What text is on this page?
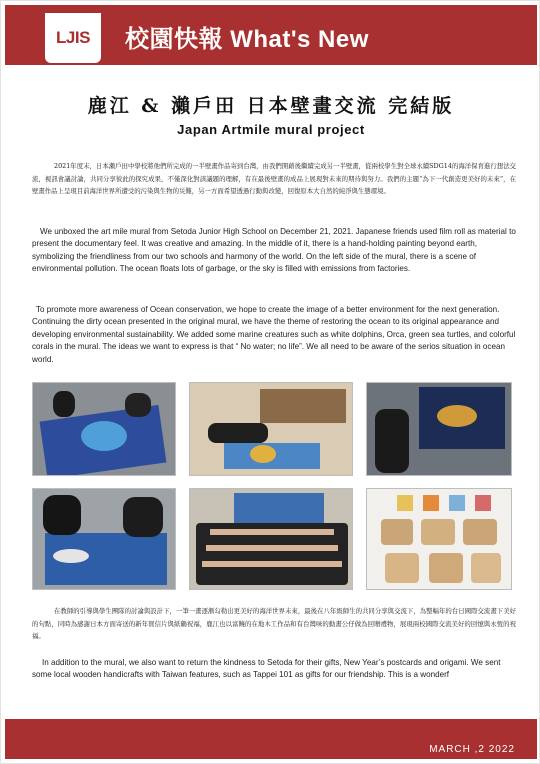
LJIS 校園快報 What's New
鹿江 & 瀨戶田 日本壁畫交流 完結版
Japan Artmile mural project
2021年度末，日本瀨戶田中學校將他們所完成的一半壁畫作品寄到台灣，由我們開藉後繼續完成另一半壁畫，從兩校學生對全球永續SDG14的海洋保育進行想法交流，視訊會議討論，共同分享彼此的探究成果，不僅深化對該議題的理解，有在最後壁畫的成品上展現對未來的期待與努力。我們的主題“為下一代創造更美好的未來”，在壁畫作品上呈現目前海洋世界所遭受的污染與生物的災難，另一方面希望透過行動與改變，回復原本大自然的純淨與生態環境。
We unboxed the art mile mural from Setoda Junior High School on December 21, 2021. Japanese friends used film roll as material to present the documentary feel. It was creative and amazing. In the middle of it, there is a hand-holding painting beyond earth, symbolizing the friendliness from our two schools and harmony of the world. On the left side of the mural, there is a scene of environmental pollution. The ocean floats lots of garbage, or the sky is filled with emissions from factories.
To promote more awareness of Ocean conservation, we hope to create the image of a better environment for the next generation. Continuing the dirty ocean presented in the original mural, we have the theme of restoring the ocean to its original appearance and developing environmental sustainability. We added some marine creatures such as white dolphins, Orca, green sea turtles, and colorful corals in the mural. The ideas we want to express is that “ No water; no life”. We all need to be aware of the serios situation in ocean world.
在教師的引導與學生團隊的討論與設計下，一筆一畫逐漸勾勒出更美好的海洋世界未來，最後在八年級師生的共同分享與交流下，為整幅年的台日國際交流畫下美好的句點，同時為感謝日本方面寄送的新年賀信片與紙鶴祝福，鹿江也以富饒的在地木工作品和有台灣味的動畫公仔做為回贈禮物，展現兩校國際交流美好的回憶與永恆的祝福。
In addition to the mural, we also want to return the kindness to Setoda for their gifts, New Year’s postcards and origami. We sent some local wooden handicrafts with Taiwan features, such as Tappei 101 as gifts for our friendship. This is a wonderf
MARCH ,2 2022
